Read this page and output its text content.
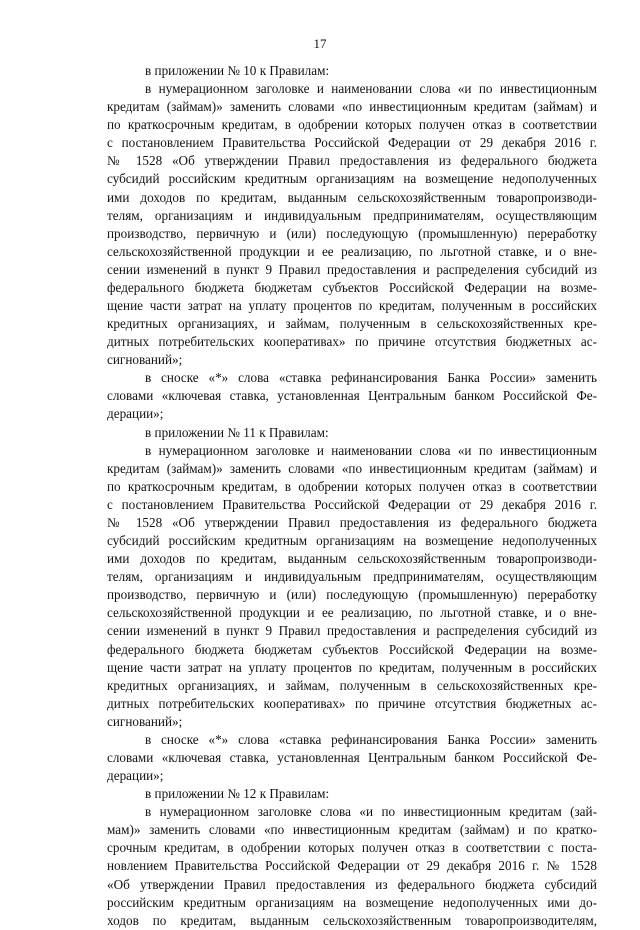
17
в приложении № 10 к Правилам:
в нумерационном заголовке и наименовании слова «и по инвестиционным
кредитам (займам)» заменить словами «по инвестиционным кредитам (займам) и
по краткосрочным кредитам, в одобрении которых получен отказ в соответствии
с постановлением Правительства Российской Федерации от 29 декабря 2016 г.
№ 1528 «Об утверждении Правил предоставления из федерального бюджета
субсидий российским кредитным организациям на возмещение недополученных
ими доходов по кредитам, выданным сельскохозяйственным товаропроизводи-
телям, организациям и индивидуальным предпринимателям, осуществляющим
производство, первичную и (или) последующую (промышленную) переработку
сельскохозяйственной продукции и ее реализацию, по льготной ставке, и о вне-
сении изменений в пункт 9 Правил предоставления и распределения субсидий из
федерального бюджета бюджетам субъектов Российской Федерации на возме-
щение части затрат на уплату процентов по кредитам, полученным в российских
кредитных организациях, и займам, полученным в сельскохозяйственных кре-
дитных потребительских кооперативах» по причине отсутствия бюджетных ас-
сигнований»;
в сноске «*» слова «ставка рефинансирования Банка России» заменить
словами «ключевая ставка, установленная Центральным банком Российской Фе-
дерации»;
в приложении № 11 к Правилам:
в нумерационном заголовке и наименовании слова «и по инвестиционным
кредитам (займам)» заменить словами «по инвестиционным кредитам (займам) и
по краткосрочным кредитам, в одобрении которых получен отказ в соответствии
с постановлением Правительства Российской Федерации от 29 декабря 2016 г.
№ 1528 «Об утверждении Правил предоставления из федерального бюджета
субсидий российским кредитным организациям на возмещение недополученных
ими доходов по кредитам, выданным сельскохозяйственным товаропроизводи-
телям, организациям и индивидуальным предпринимателям, осуществляющим
производство, первичную и (или) последующую (промышленную) переработку
сельскохозяйственной продукции и ее реализацию, по льготной ставке, и о вне-
сении изменений в пункт 9 Правил предоставления и распределения субсидий из
федерального бюджета бюджетам субъектов Российской Федерации на возме-
щение части затрат на уплату процентов по кредитам, полученным в российских
кредитных организациях, и займам, полученным в сельскохозяйственных кре-
дитных потребительских кооперативах» по причине отсутствия бюджетных ас-
сигнований»;
в сноске «*» слова «ставка рефинансирования Банка России» заменить
словами «ключевая ставка, установленная Центральным банком Российской Фе-
дерации»;
в приложении № 12 к Правилам:
в нумерационном заголовке слова «и по инвестиционным кредитам (зай-
мам)» заменить словами «по инвестиционным кредитам (займам) и по кратко-
срочным кредитам, в одобрении которых получен отказ в соответствии с поста-
новлением Правительства Российской Федерации от 29 декабря 2016 г. № 1528
«Об утверждении Правил предоставления из федерального бюджета субсидий
российским кредитным организациям на возмещение недополученных ими до-
ходов по кредитам, выданным сельскохозяйственным товаропроизводителям,
